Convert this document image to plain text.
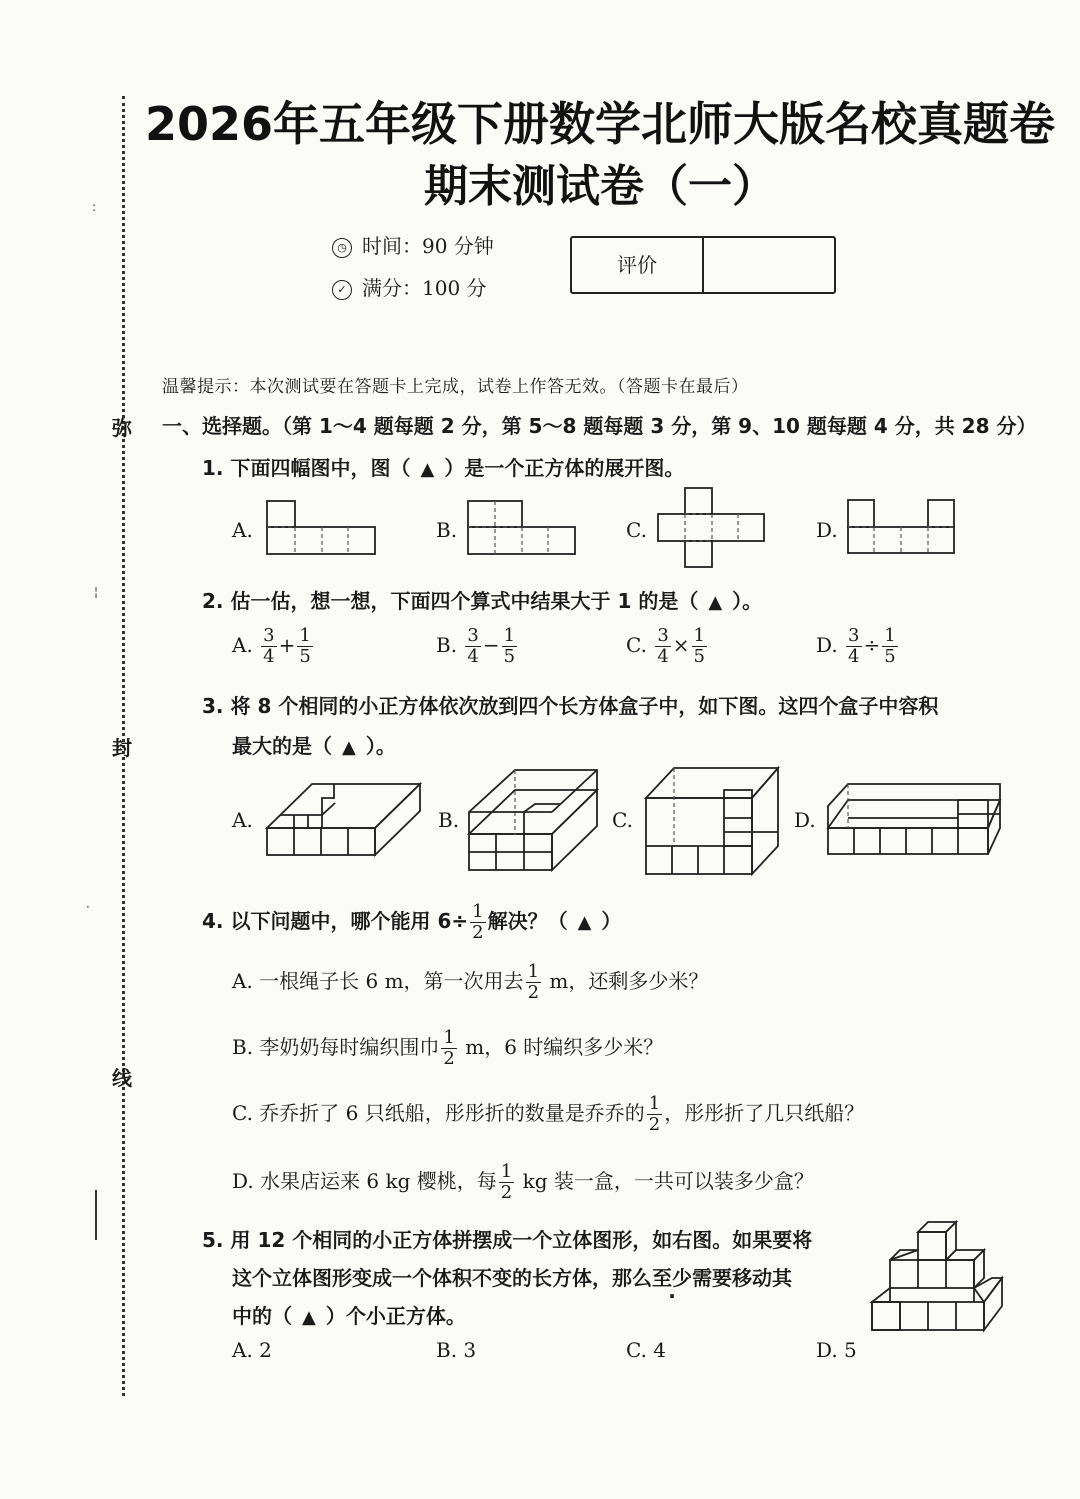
弥
封
线
:
¦
·
2026年五年级下册数学北师大版名校真题卷
期末测试卷（一）
◷ 时间：90 分钟
✓ 满分：100 分
评价
温馨提示：本次测试要在答题卡上完成，试卷上作答无效。（答题卡在最后）
一、选择题。（第 1～4 题每题 2 分，第 5～8 题每题 3 分，第 9、10 题每题 4 分，共 28 分）
1. 下面四幅图中，图（ ▲ ）是一个正方体的展开图。
A.	B.	C.	D.
2. 估一估，想一想，下面四个算式中结果大于 1 的是（ ▲ ）。
A. $\frac{3}{4} + \frac{1}{5}$	B. $\frac{3}{4} - \frac{1}{5}$	C. $\frac{3}{4} \times \frac{1}{5}$	D. $\frac{3}{4} \div \frac{1}{5}$
3. 将 8 个相同的小正方体依次放到四个长方体盒子中，如下图。这四个盒子中容积
最大的是（ ▲ ）。
A.	B.	C.	D.
4. 以下问题中，哪个能用 $6\div \frac{1}{2}$ 解决？（ ▲ ）
A. 一根绳子长 6 m，第一次用去 $\frac{1}{2}$ m，还剩多少米？
B. 李奶奶每时编织围巾 $\frac{1}{2}$ m，6 时编织多少米？
C. 乔乔折了 6 只纸船，彤彤折的数量是乔乔的 $\frac{1}{2}$ ，彤彤折了几只纸船？
D. 水果店运来 6 kg 樱桃，每 $\frac{1}{2}$ kg 装一盒，一共可以装多少盒？
5. 用 12 个相同的小正方体拼摆成一个立体图形，如右图。如果要将
这个立体图形变成一个体积不变的长方体，那么至少需要移动其
中的（ ▲ ）个小正方体。
A. 2	B. 3	C. 4	D. 5
